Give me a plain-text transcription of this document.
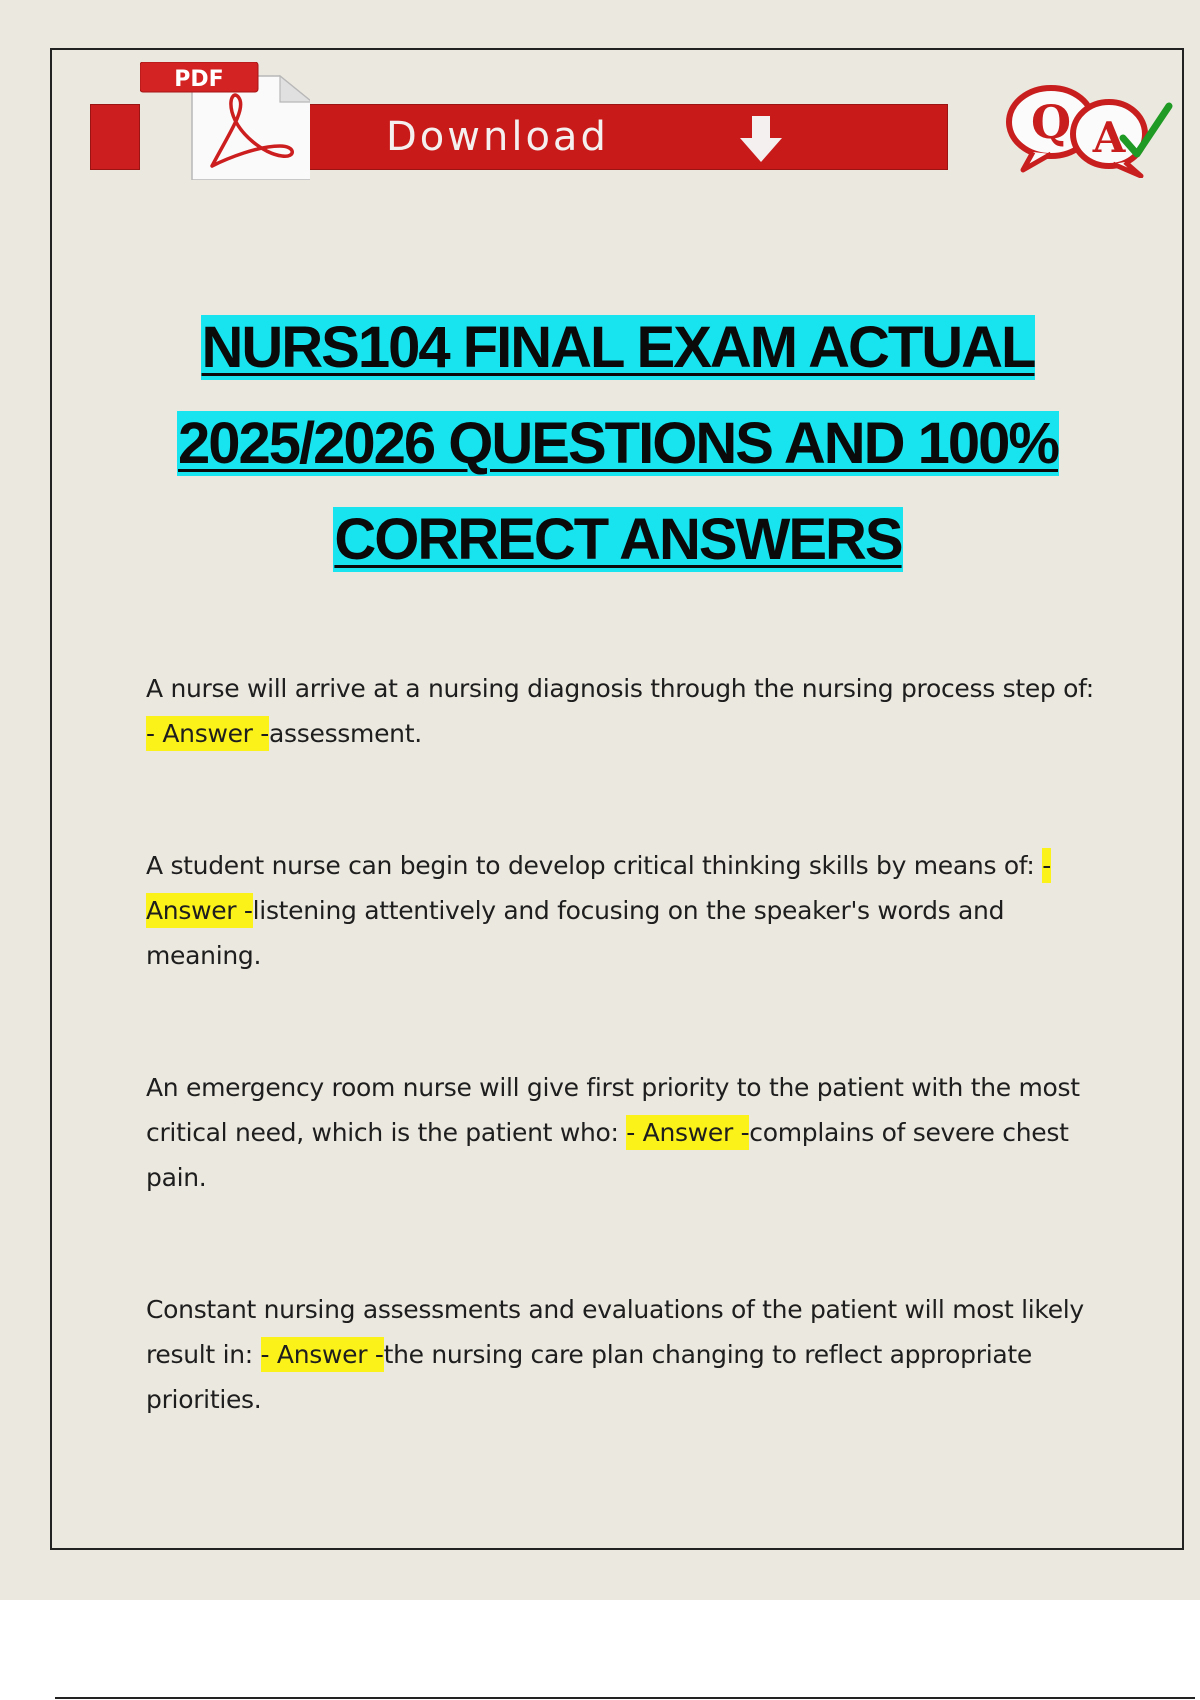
PDF
Download	Q A
NURS104 FINAL EXAM ACTUAL
2025/2026 QUESTIONS AND 100%
CORRECT ANSWERS
A nurse will arrive at a nursing diagnosis through the nursing process step of: - Answer -assessment.
A student nurse can begin to develop critical thinking skills by means of: - Answer -listening attentively and focusing on the speaker's words and meaning.
An emergency room nurse will give first priority to the patient with the most critical need, which is the patient who: - Answer -complains of severe chest pain.
Constant nursing assessments and evaluations of the patient will most likely result in: - Answer -the nursing care plan changing to reflect appropriate priorities.
